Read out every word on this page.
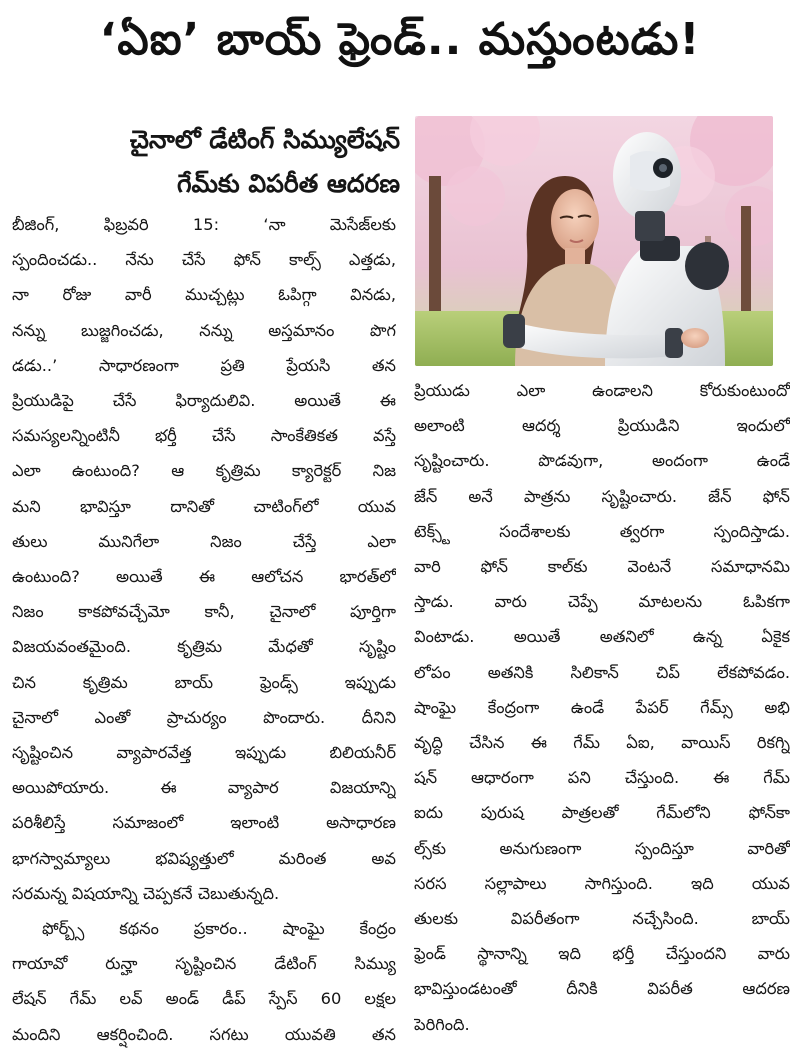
‘ఏఐ’ బాయ్ ఫ్రెండ్.. మస్తుంటడు!
చైనాలో డేటింగ్ సిమ్యులేషన్
గేమ్‌కు విపరీత ఆదరణ
బీజింగ్, ఫిబ్రవరి 15: ‘నా మెసేజ్‌లకు
స్పందించడు.. నేను చేసే ఫోన్ కాల్స్ ఎత్తడు,
నా రోజు వారీ ముచ్చట్లు ఓపిగ్గా వినడు,
నన్ను బుజ్జగించడు, నన్ను అస్తమానం పొగ
డడు..’ సాధారణంగా ప్రతి ప్రేయసి తన
ప్రియుడిపై చేసే ఫిర్యాదులివి. అయితే ఈ
సమస్యలన్నింటినీ భర్తీ చేసే సాంకేతికత వస్తే
ఎలా ఉంటుంది? ఆ కృత్రిమ క్యారెక్టర్ నిజ
మని భావిస్తూ దానితో చాటింగ్‌లో యువ
తులు మునిగేలా నిజం చేస్తే ఎలా
ఉంటుంది? అయితే ఈ ఆలోచన భారత్‌లో
నిజం కాకపోవచ్చేమో కానీ, చైనాలో పూర్తిగా
విజయవంతమైంది. కృత్రిమ మేధతో సృష్టిం
చిన కృత్రిమ బాయ్ ఫ్రెండ్స్ ఇప్పుడు
చైనాలో ఎంతో ప్రాచుర్యం పొందారు. దీనిని
సృష్టించిన వ్యాపారవేత్త ఇప్పుడు బిలియనీర్
అయిపోయారు. ఈ వ్యాపార విజయాన్ని
పరిశీలిస్తే సమాజంలో ఇలాంటి అసాధారణ
భాగస్వామ్యాలు భవిష్యత్తులో మరింత అవ
సరమన్న విషయాన్ని చెప్పకనే చెబుతున్నది.
ఫోర్బ్స్ కథనం ప్రకారం.. షాంఘై కేంద్రం
గాయావో రున్హా సృష్టించిన డేటింగ్ సిమ్యు
లేషన్ గేమ్ లవ్ అండ్ డీప్ స్పేస్ 60 లక్షల
మందిని ఆకర్షించింది. సగటు యువతి తన
ప్రియుడు ఎలా ఉండాలని కోరుకుంటుందో
అలాంటి ఆదర్శ ప్రియుడిని ఇందులో
సృష్టించారు. పొడవుగా, అందంగా ఉండే
జేన్ అనే పాత్రను సృష్టించారు. జేన్ ఫోన్
టెక్స్ట్ సందేశాలకు త్వరగా స్పందిస్తాడు.
వారి ఫోన్ కాల్‌కు వెంటనే సమాధానమి
స్తాడు. వారు చెప్పే మాటలను ఓపికగా
వింటాడు. అయితే అతనిలో ఉన్న ఏకైక
లోపం అతనికి సిలికాన్ చిప్ లేకపోవడం.
షాంఘై కేంద్రంగా ఉండే పేపర్ గేమ్స్ అభి
వృద్ధి చేసిన ఈ గేమ్ ఏఐ, వాయిస్ రికగ్ని
షన్ ఆధారంగా పని చేస్తుంది. ఈ గేమ్
ఐదు పురుష పాత్రలతో గేమ్‌లోని ఫోన్‌కా
ల్స్‌కు అనుగుణంగా స్పందిస్తూ వారితో
సరస సల్లాపాలు సాగిస్తుంది. ఇది యువ
తులకు విపరీతంగా నచ్చేసింది. బాయ్
ఫ్రెండ్ స్థానాన్ని ఇది భర్తీ చేస్తుందని వారు
భావిస్తుండటంతో దీనికి విపరీత ఆదరణ
పెరిగింది.
